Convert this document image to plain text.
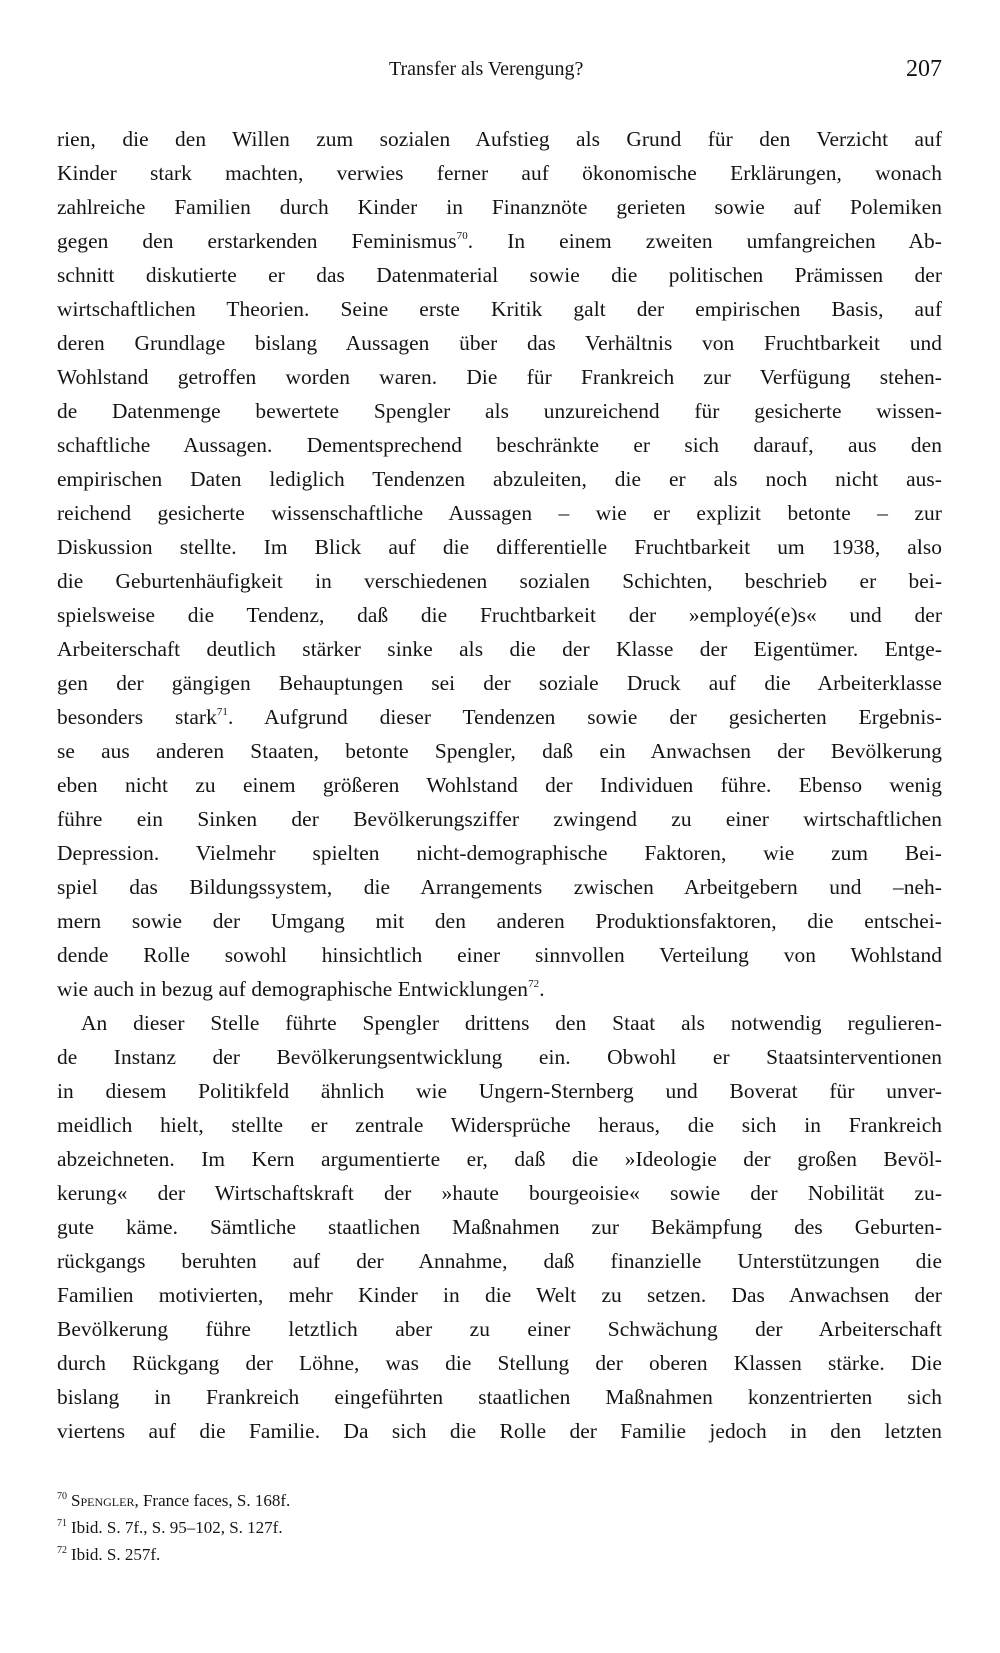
Transfer als Verengung?	207

rien, die den Willen zum sozialen Aufstieg als Grund für den Verzicht auf
Kinder stark machten, verwies ferner auf ökonomische Erklärungen, wonach
zahlreiche Familien durch Kinder in Finanznöte gerieten sowie auf Polemiken
gegen den erstarkenden Feminismus$^{70}$. In einem zweiten umfangreichen Ab-
schnitt diskutierte er das Datenmaterial sowie die politischen Prämissen der
wirtschaftlichen Theorien. Seine erste Kritik galt der empirischen Basis, auf
deren Grundlage bislang Aussagen über das Verhältnis von Fruchtbarkeit und
Wohlstand getroffen worden waren. Die für Frankreich zur Verfügung stehen-
de Datenmenge bewertete Spengler als unzureichend für gesicherte wissen-
schaftliche Aussagen. Dementsprechend beschränkte er sich darauf, aus den
empirischen Daten lediglich Tendenzen abzuleiten, die er als noch nicht aus-
reichend gesicherte wissenschaftliche Aussagen – wie er explizit betonte – zur
Diskussion stellte. Im Blick auf die differentielle Fruchtbarkeit um 1938, also
die Geburtenhäufigkeit in verschiedenen sozialen Schichten, beschrieb er bei-
spielsweise die Tendenz, daß die Fruchtbarkeit der »employé(e)s« und der
Arbeiterschaft deutlich stärker sinke als die der Klasse der Eigentümer. Entge-
gen der gängigen Behauptungen sei der soziale Druck auf die Arbeiterklasse
besonders stark$^{71}$. Aufgrund dieser Tendenzen sowie der gesicherten Ergebnis-
se aus anderen Staaten, betonte Spengler, daß ein Anwachsen der Bevölkerung
eben nicht zu einem größeren Wohlstand der Individuen führe. Ebenso wenig
führe ein Sinken der Bevölkerungsziffer zwingend zu einer wirtschaftlichen
Depression. Vielmehr spielten nicht-demographische Faktoren, wie zum Bei-
spiel das Bildungssystem, die Arrangements zwischen Arbeitgebern und –neh-
mern sowie der Umgang mit den anderen Produktionsfaktoren, die entschei-
dende Rolle sowohl hinsichtlich einer sinnvollen Verteilung von Wohlstand
wie auch in bezug auf demographische Entwicklungen$^{72}$.

An dieser Stelle führte Spengler drittens den Staat als notwendig regulieren-
de Instanz der Bevölkerungsentwicklung ein. Obwohl er Staatsinterventionen
in diesem Politikfeld ähnlich wie Ungern-Sternberg und Boverat für unver-
meidlich hielt, stellte er zentrale Widersprüche heraus, die sich in Frankreich
abzeichneten. Im Kern argumentierte er, daß die »Ideologie der großen Bevöl-
kerung« der Wirtschaftskraft der »haute bourgeoisie« sowie der Nobilität zu-
gute käme. Sämtliche staatlichen Maßnahmen zur Bekämpfung des Geburten-
rückgangs beruhten auf der Annahme, daß finanzielle Unterstützungen die
Familien motivierten, mehr Kinder in die Welt zu setzen. Das Anwachsen der
Bevölkerung führe letztlich aber zu einer Schwächung der Arbeiterschaft
durch Rückgang der Löhne, was die Stellung der oberen Klassen stärke. Die
bislang in Frankreich eingeführten staatlichen Maßnahmen konzentrierten sich
viertens auf die Familie. Da sich die Rolle der Familie jedoch in den letzten

$^{70}$ Spengler, France faces, S. 168f.
$^{71}$ Ibid. S. 7f., S. 95–102, S. 127f.
$^{72}$ Ibid. S. 257f.
